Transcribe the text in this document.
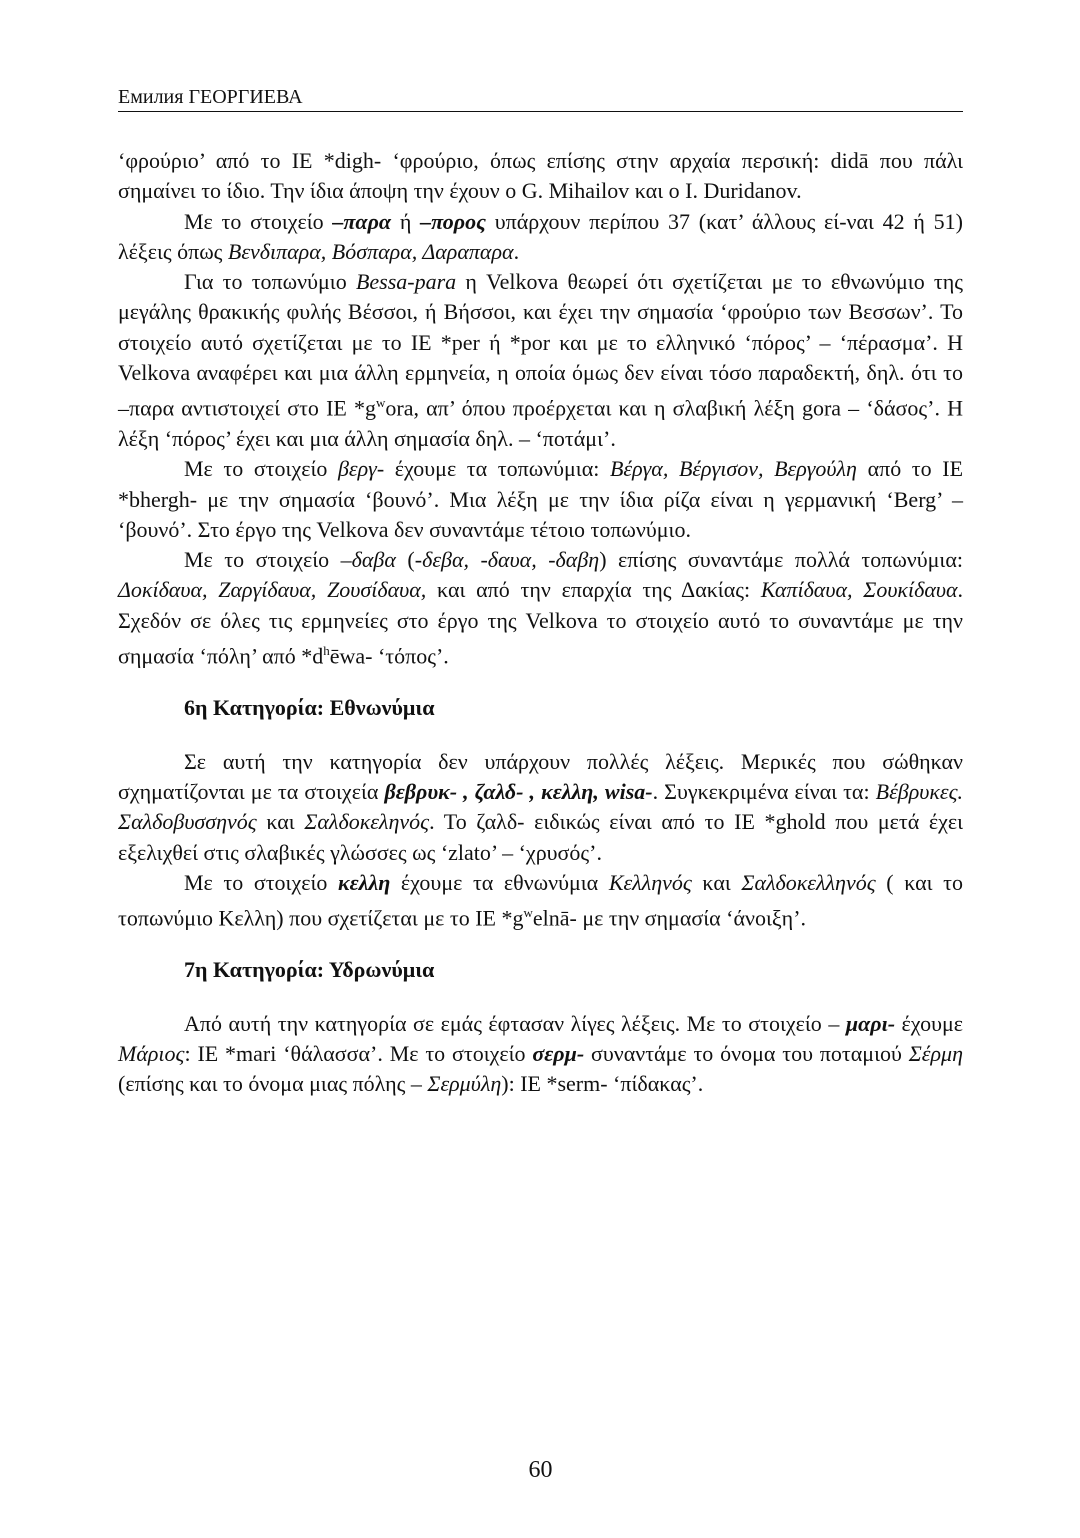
Емилия ГЕОРГИЕВА

‘φρούριο’ από το ΙΕ *digh- ‘φρούριο, όπως επίσης στην αρχαία περσική: didā που πάλι σημαίνει το ίδιο. Την ίδια άποψη την έχουν ο G. Mihailov και ο I. Duridanov.

Με το στοιχείο –παρα ή –πορος υπάρχουν περίπου 37 (κατ’ άλλους εί-ναι 42 ή 51) λέξεις όπως Βενδιπαρα, Βόσπαρα, Δαραπαρα.

Για το τοπωνύμιο Bessa-para η Velkova θεωρεί ότι σχετίζεται με το εθνωνύμιο της μεγάλης θρακικής φυλής Βέσσοι, ή Βήσσοι, και έχει την σημασία ‘φρούριο των Βεσσων’. Το στοιχείο αυτό σχετίζεται με το ΙΕ *per ή *por και με το ελληνικό ‘πόρος’ – ‘πέρασμα’. Η Velkova αναφέρει και μια άλλη ερμηνεία, η οποία όμως δεν είναι τόσο παραδεκτή, δηλ. ότι το –παρα αντιστοιχεί στο ΙΕ $*g^wora$, απ’ όπου προέρχεται και η σλαβική λέξη gora – ‘δάσος’. Η λέξη ‘πόρος’ έχει και μια άλλη σημασία δηλ. – ‘ποτάμι’.

Με το στοιχείο βεργ- έχουμε τα τοπωνύμια: Βέργα, Βέργισον, Βεργούλη από το ΙΕ *bhergh- με την σημασία ‘βουνό’. Μια λέξη με την ίδια ρίζα είναι η γερμανική ‘Berg’ – ‘βουνό’. Στο έργο της Velkova δεν συναντάμε τέτοιο τοπωνύμιο.

Με το στοιχείο –δαβα (-δεβα, -δαυα, -δαβη) επίσης συναντάμε πολλά τοπωνύμια: Δοκίδαυα, Ζαργίδαυα, Ζουσίδαυα, και από την επαρχία της Δακίας: Καπίδαυα, Σουκίδαυα. Σχεδόν σε όλες τις ερμηνείες στο έργο της Velkova το στοιχείο αυτό το συναντάμε με την σημασία ‘πόλη’ από $*d^hēwa-$ ‘τόπος’.

6η Κατηγορία: Εθνωνύμια

Σε αυτή την κατηγορία δεν υπάρχουν πολλές λέξεις. Μερικές που σώθηκαν σχηματίζονται με τα στοιχεία βεβρυκ- , ζαλδ- , κελλη, wisa-. Συγκεκριμένα είναι τα: Βέβρυκες. Σαλδοβυσσηνός και Σαλδοκεληνός. Το ζαλδ- ειδικώς είναι από το ΙΕ *ghold που μετά έχει εξελιχθεί στις σλαβικές γλώσσες ως ‘zlato’ – ‘χρυσός’.

Με το στοιχείο κελλη έχουμε τα εθνωνύμια Κελληνός και Σαλδοκελληνός ( και το τοπωνύμιο Κελλη) που σχετίζεται με το ΙΕ $*g^welnā-$ με την σημασία ‘άνοιξη’.

7η Κατηγορία: Υδρωνύμια

Από αυτή την κατηγορία σε εμάς έφτασαν λίγες λέξεις. Με το στοιχείο – μαρι- έχουμε Μάριος: ΙΕ *mari ‘θάλασσα’. Με το στοιχείο σερμ- συναντάμε το όνομα του ποταμιού Σέρμη (επίσης και το όνομα μιας πόλης – Σερμύλη): ΙΕ *serm- ‘πίδακας’.

60
